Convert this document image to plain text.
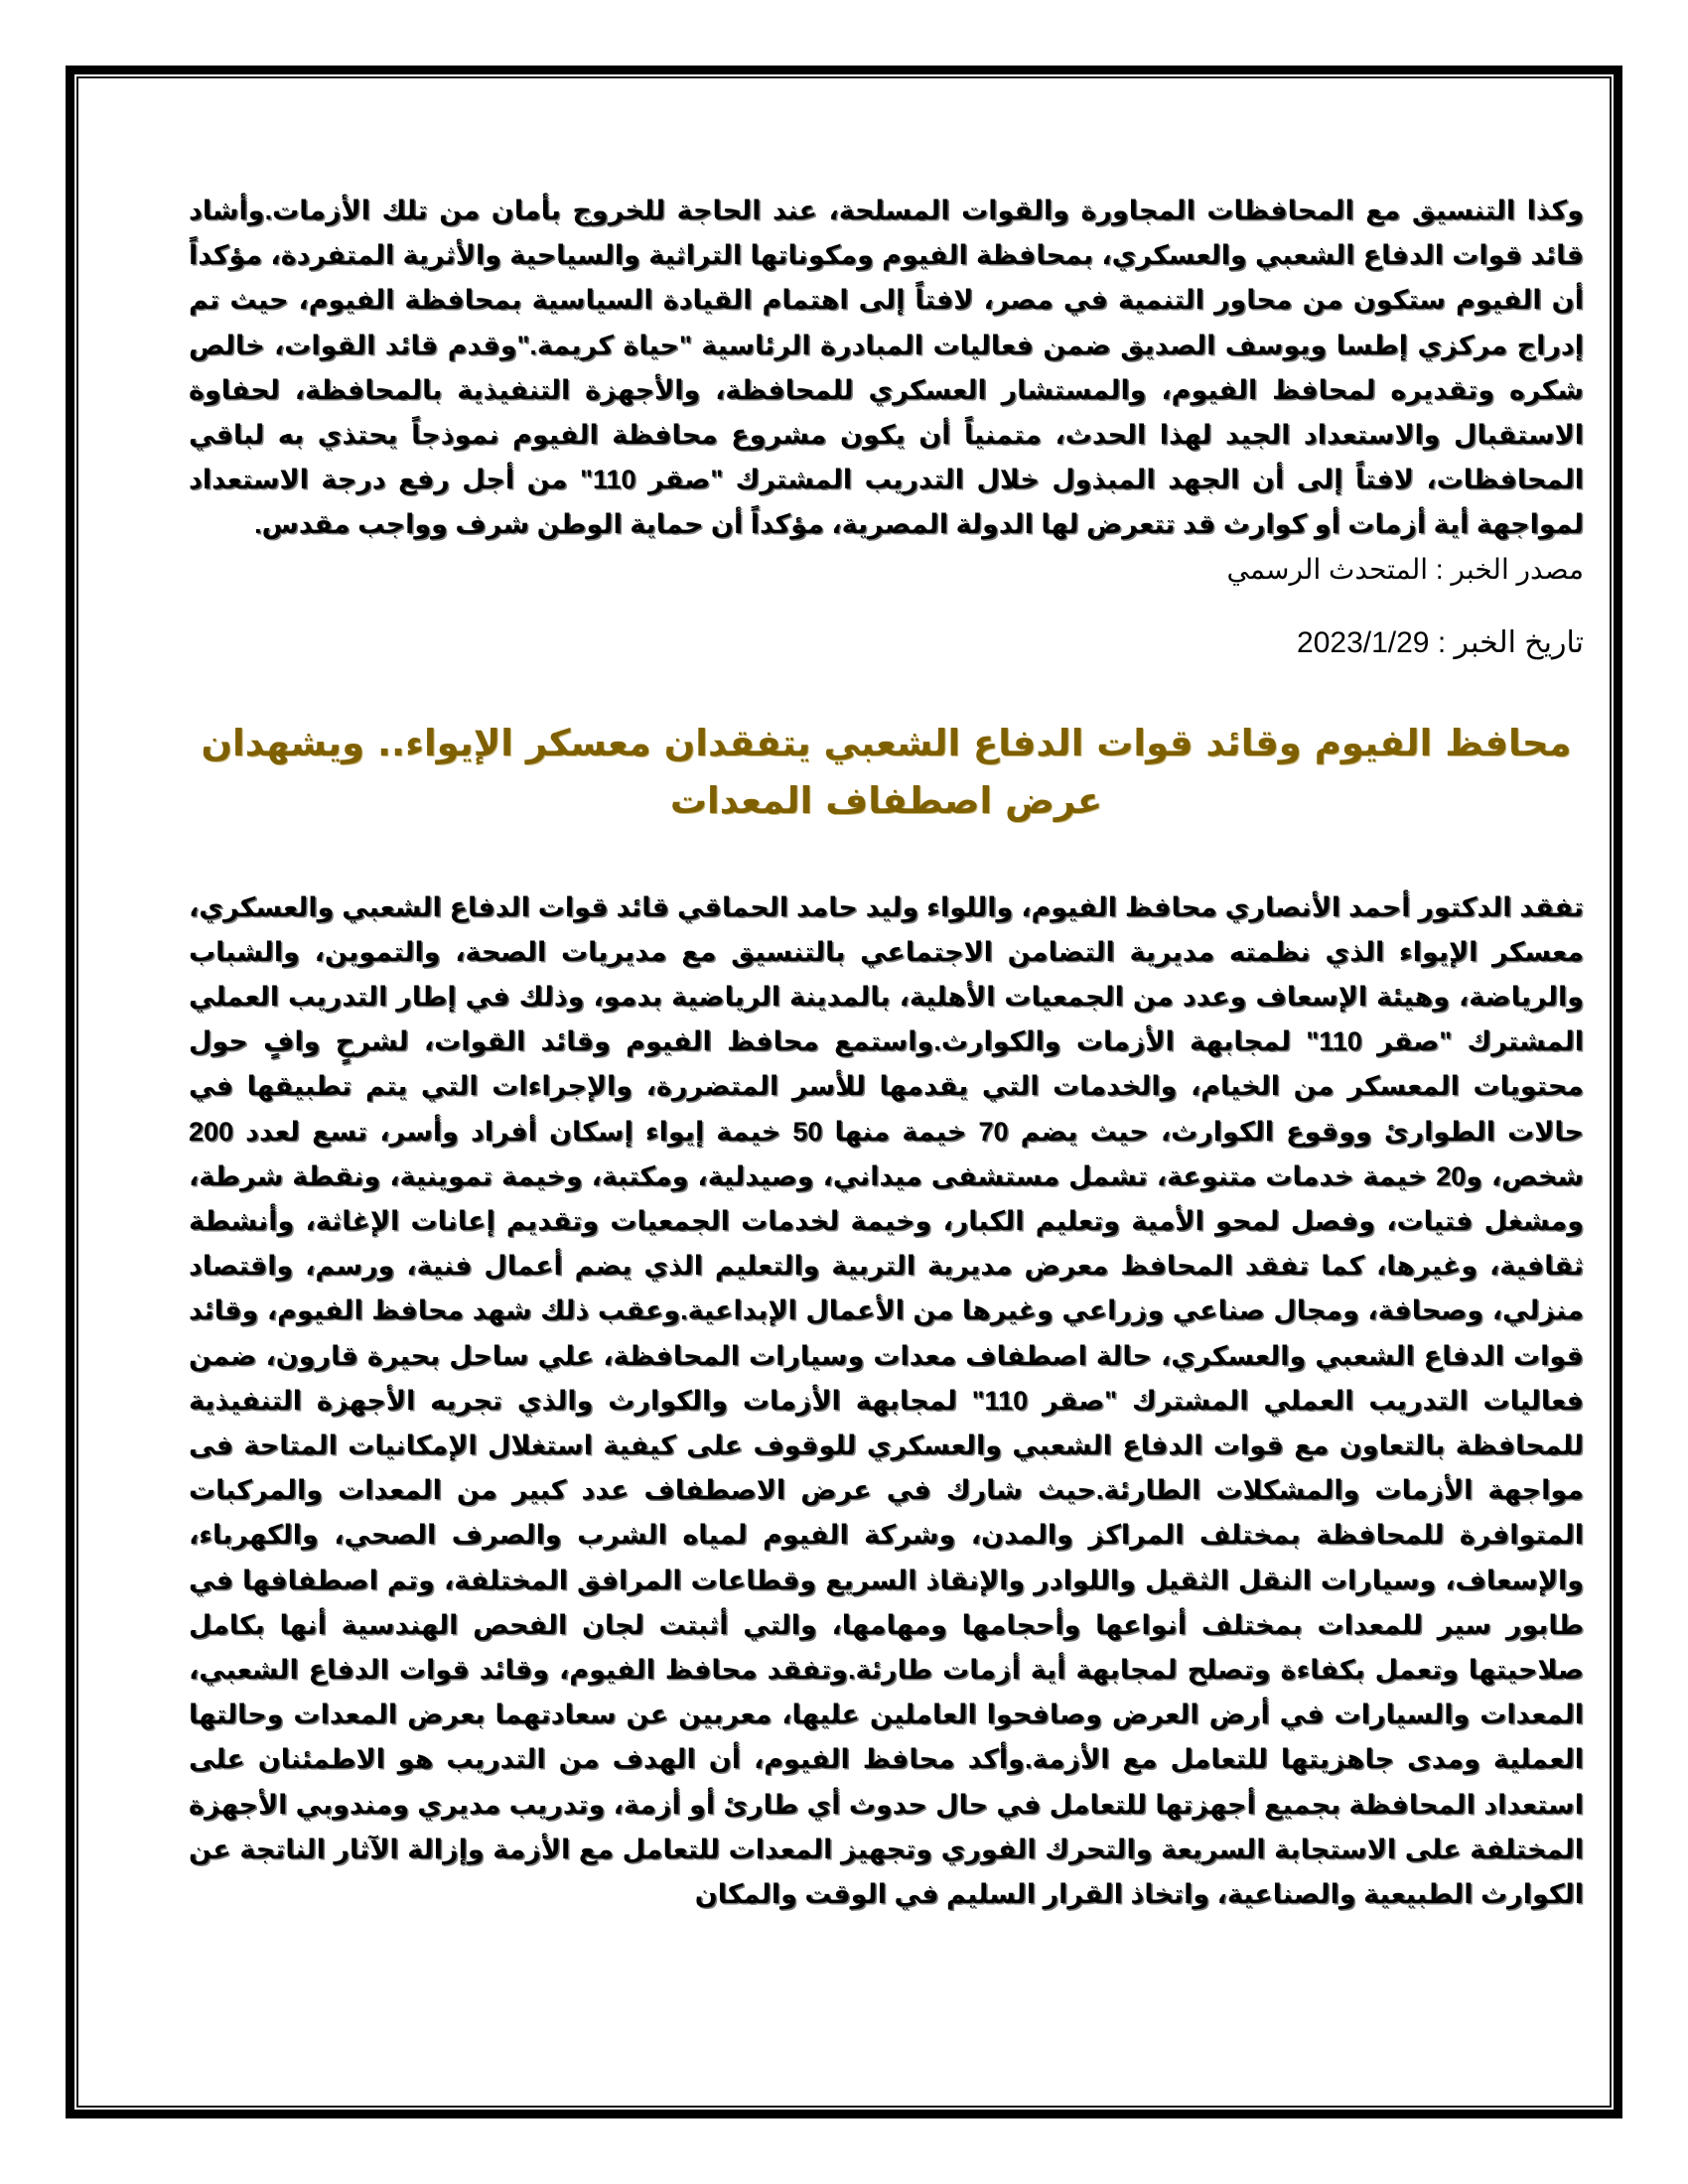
وكذا التنسيق مع المحافظات المجاورة والقوات المسلحة، عند الحاجة للخروج بأمان من تلك الأزمات.وأشاد قائد قوات الدفاع الشعبي والعسكري، بمحافظة الفيوم ومكوناتها التراثية والسياحية والأثرية المتفردة، مؤكداً أن الفيوم ستكون من محاور التنمية في مصر، لافتاً إلى اهتمام القيادة السياسية بمحافظة الفيوم، حيث تم إدراج مركزي إطسا ويوسف الصديق ضمن فعاليات المبادرة الرئاسية "حياة كريمة."وقدم قائد القوات، خالص شكره وتقديره لمحافظ الفيوم، والمستشار العسكري للمحافظة، والأجهزة التنفيذية بالمحافظة، لحفاوة الاستقبال والاستعداد الجيد لهذا الحدث، متمنياً أن يكون مشروع محافظة الفيوم نموذجاً يحتذي به لباقي المحافظات، لافتاً إلى أن الجهد المبذول خلال التدريب المشترك "صقر 110" من أجل رفع درجة الاستعداد لمواجهة أية أزمات أو كوارث قد تتعرض لها الدولة المصرية، مؤكداً أن حماية الوطن شرف وواجب مقدس.

مصدر الخبر : المتحدث الرسمي

تاريخ الخبر : 2023/1/29

محافظ الفيوم وقائد قوات الدفاع الشعبي يتفقدان معسكر الإيواء.. ويشهدان عرض اصطفاف المعدات

تفقد الدكتور أحمد الأنصاري محافظ الفيوم، واللواء وليد حامد الحماقي قائد قوات الدفاع الشعبي والعسكري، معسكر الإيواء الذي نظمته مديرية التضامن الاجتماعي بالتنسيق مع مديريات الصحة، والتموين، والشباب والرياضة، وهيئة الإسعاف وعدد من الجمعيات الأهلية، بالمدينة الرياضية بدمو، وذلك في إطار التدريب العملي المشترك "صقر 110" لمجابهة الأزمات والكوارث.واستمع محافظ الفيوم وقائد القوات، لشرحٍ وافٍ حول محتويات المعسكر من الخيام، والخدمات التي يقدمها للأسر المتضررة، والإجراءات التي يتم تطبيقها في حالات الطوارئ ووقوع الكوارث، حيث يضم 70 خيمة منها 50 خيمة إيواء إسكان أفراد وأسر، تسع لعدد 200 شخص، و20 خيمة خدمات متنوعة، تشمل مستشفى ميداني، وصيدلية، ومكتبة، وخيمة تموينية، ونقطة شرطة، ومشغل فتيات، وفصل لمحو الأمية وتعليم الكبار، وخيمة لخدمات الجمعيات وتقديم إعانات الإغاثة، وأنشطة ثقافية، وغيرها، كما تفقد المحافظ معرض مديرية التربية والتعليم الذي يضم أعمال فنية، ورسم، واقتصاد منزلي، وصحافة، ومجال صناعي وزراعي وغيرها من الأعمال الإبداعية.وعقب ذلك شهد محافظ الفيوم، وقائد قوات الدفاع الشعبي والعسكري، حالة اصطفاف معدات وسيارات المحافظة، علي ساحل بحيرة قارون، ضمن فعاليات التدريب العملي المشترك "صقر 110" لمجابهة الأزمات والكوارث والذي تجريه الأجهزة التنفيذية للمحافظة بالتعاون مع قوات الدفاع الشعبي والعسكري للوقوف على كيفية استغلال الإمكانيات المتاحة فى مواجهة الأزمات والمشكلات الطارئة.حيث شارك في عرض الاصطفاف عدد كبير من المعدات والمركبات المتوافرة للمحافظة بمختلف المراكز والمدن، وشركة الفيوم لمياه الشرب والصرف الصحي، والكهرباء، والإسعاف، وسيارات النقل الثقيل واللوادر والإنقاذ السريع وقطاعات المرافق المختلفة، وتم اصطفافها في طابور سير للمعدات بمختلف أنواعها وأحجامها ومهامها، والتي أثبتت لجان الفحص الهندسية أنها بكامل صلاحيتها وتعمل بكفاءة وتصلح لمجابهة أية أزمات طارئة.وتفقد محافظ الفيوم، وقائد قوات الدفاع الشعبي، المعدات والسيارات في أرض العرض وصافحوا العاملين عليها، معربين عن سعادتهما بعرض المعدات وحالتها العملية ومدى جاهزيتها للتعامل مع الأزمة.وأكد محافظ الفيوم، أن الهدف من التدريب هو الاطمئنان على استعداد المحافظة بجميع أجهزتها للتعامل في حال حدوث أي طارئ أو أزمة، وتدريب مديري ومندوبي الأجهزة المختلفة على الاستجابة السريعة والتحرك الفوري وتجهيز المعدات للتعامل مع الأزمة وإزالة الآثار الناتجة عن الكوارث الطبيعية والصناعية، واتخاذ القرار السليم في الوقت والمكان
